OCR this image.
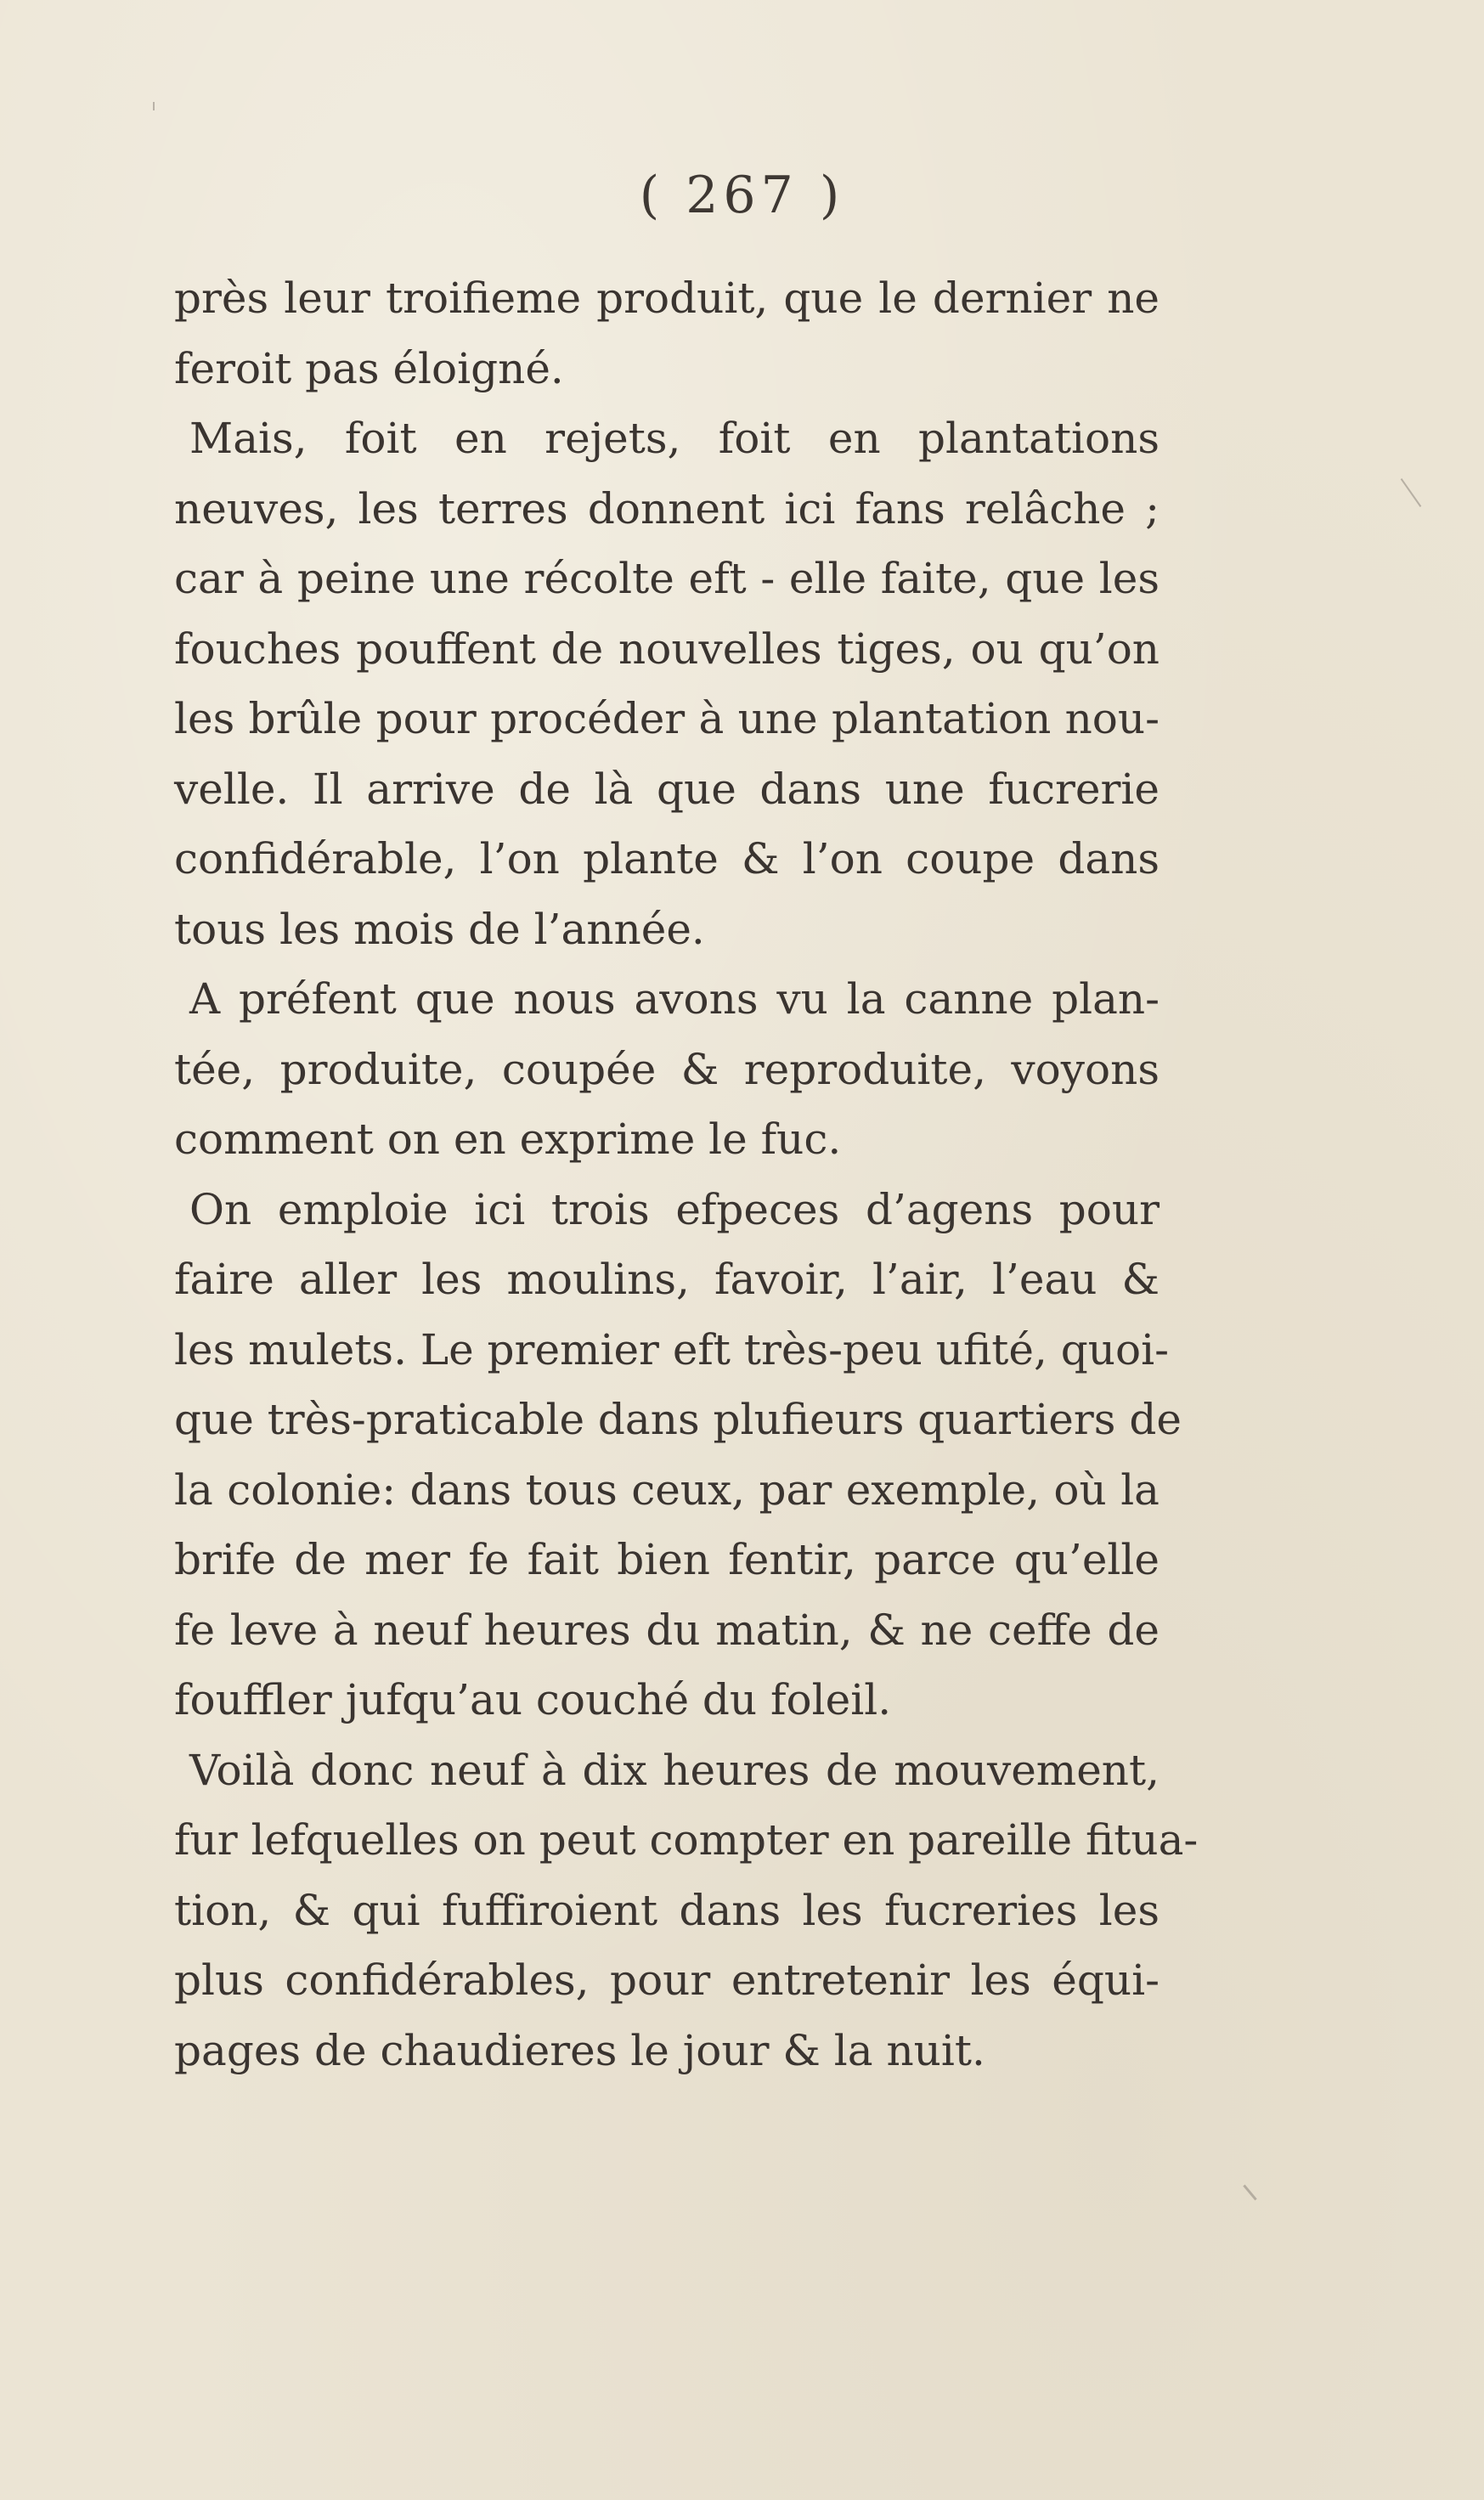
( 267 )
près leur troifieme produit, que le dernier ne
feroit pas éloigné.
Mais, foit en rejets, foit en plantations
neuves, les terres donnent ici fans relâche ;
car à peine une récolte eft - elle faite, que les
fouches pouffent de nouvelles tiges, ou qu’on
les brûle pour procéder à une plantation nou-
velle. Il arrive de là que dans une fucrerie
confidérable, l’on plante & l’on coupe dans
tous les mois de l’année.
A préfent que nous avons vu la canne plan-
tée, produite, coupée & reproduite, voyons
comment on en exprime le fuc.
On emploie ici trois efpeces d’agens pour
faire aller les moulins, favoir, l’air, l’eau &
les mulets. Le premier eft très-peu ufité, quoi-
que très-praticable dans plufieurs quartiers de
la colonie: dans tous ceux, par exemple, où la
brife de mer fe fait bien fentir, parce qu’elle
fe leve à neuf heures du matin, & ne ceffe de
fouffler jufqu’au couché du foleil.
Voilà donc neuf à dix heures de mouvement,
fur lefquelles on peut compter en pareille fitua-
tion, & qui fuffiroient dans les fucreries les
plus confidérables, pour entretenir les équi-
pages de chaudieres le jour & la nuit.
